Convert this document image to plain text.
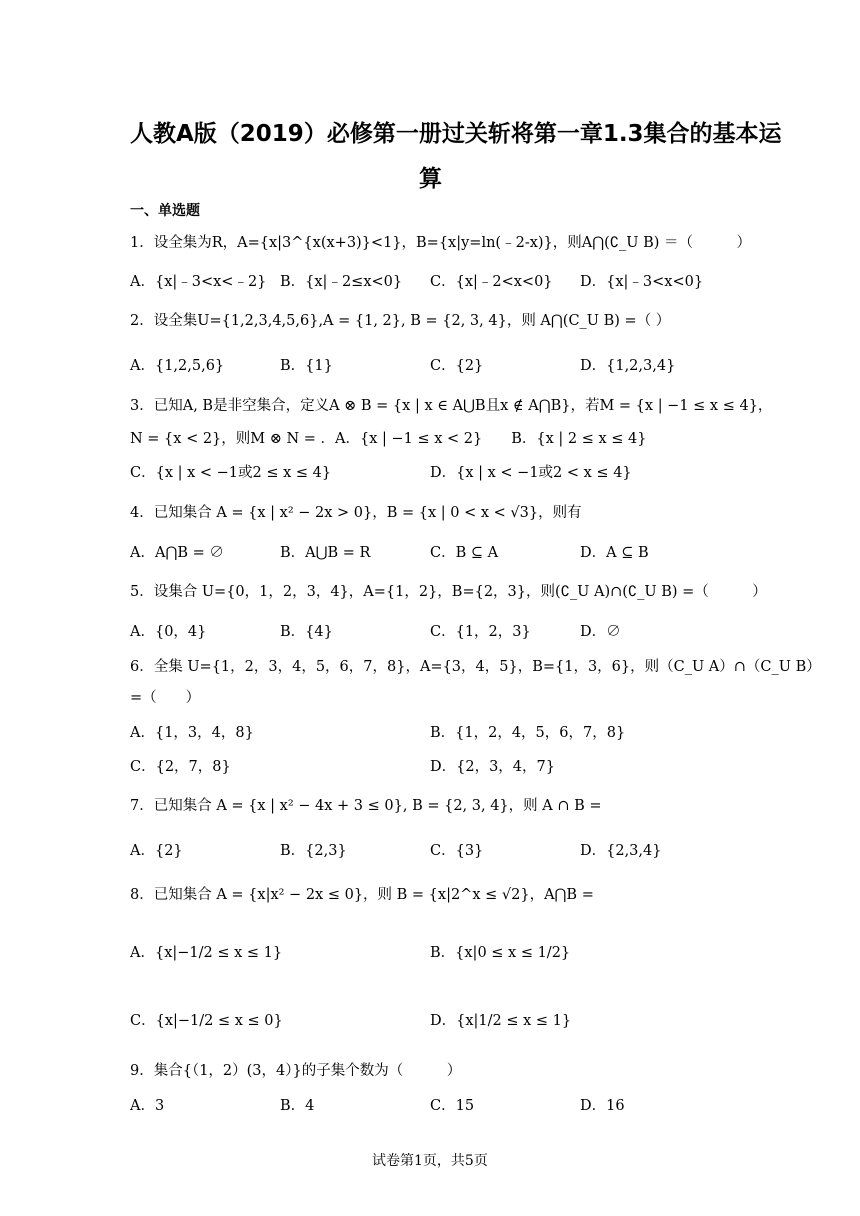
人教A版（2019）必修第一册过关斩将第一章1.3集合的基本运
算
一、单选题
1．设全集为R，A={x|3^{x(x+3)}<1}，B={x|y=ln(﹣2-x)}，则A⋂(∁_U B) ＝（　　　）
A．{x|﹣3<x<﹣2} B．{x|﹣2≤x<0} C．{x|﹣2<x<0} D．{x|﹣3<x<0}
2．设全集U={1,2,3,4,5,6},A = {1, 2}, B = {2, 3, 4}，则 A⋂(C_U B) =（ ）
A．{1,2,5,6}	B．{1}	C．{2}	D．{1,2,3,4}
3．已知A, B是非空集合，定义A ⊗ B = {x | x ∈ A⋃B且x ∉ A⋂B}，若M = {x | −1 ≤ x ≤ 4}，
N = {x < 2}，则M ⊗ N = ．A．{x | −1 ≤ x < 2}　　B．{x | 2 ≤ x ≤ 4}
C．{x | x < −1或2 ≤ x ≤ 4}	D．{x | x < −1或2 < x ≤ 4}
4．已知集合 A = {x | x² − 2x > 0}，B = {x | 0 < x < √3}，则有
A．A⋂B = ∅	B．A⋃B = R	C．B ⊆ A	D．A ⊆ B
5．设集合 U={0，1，2，3，4}，A={1，2}，B={2，3}，则(∁_U A)∩(∁_U B) =（　　　）
A．{0，4}	B．{4}	C．{1，2，3}	D．∅
6．全集 U={1，2，3，4，5，6，7，8}，A={3，4，5}，B={1，3，6}，则（C_U A）∩（C_U B）
=（　　）
A．{1，3，4，8}	B．{1，2，4，5，6，7，8}
C．{2，7，8}	D．{2，3，4，7}
7．已知集合 A = {x | x² − 4x + 3 ≤ 0}, B = {2, 3, 4}，则 A ∩ B =
A．{2}	B．{2,3}	C．{3}	D．{2,3,4}
8．已知集合 A = {x|x² − 2x ≤ 0}，则 B = {x|2^x ≤ √2}，A⋂B =
A．{x|−1/2 ≤ x ≤ 1}	B．{x|0 ≤ x ≤ 1/2}
C．{x|−1/2 ≤ x ≤ 0}	D．{x|1/2 ≤ x ≤ 1}
9．集合{（1，2）(3，4）}的子集个数为（　　　）
A．3	B．4	C．15	D．16
试卷第1页，共5页
